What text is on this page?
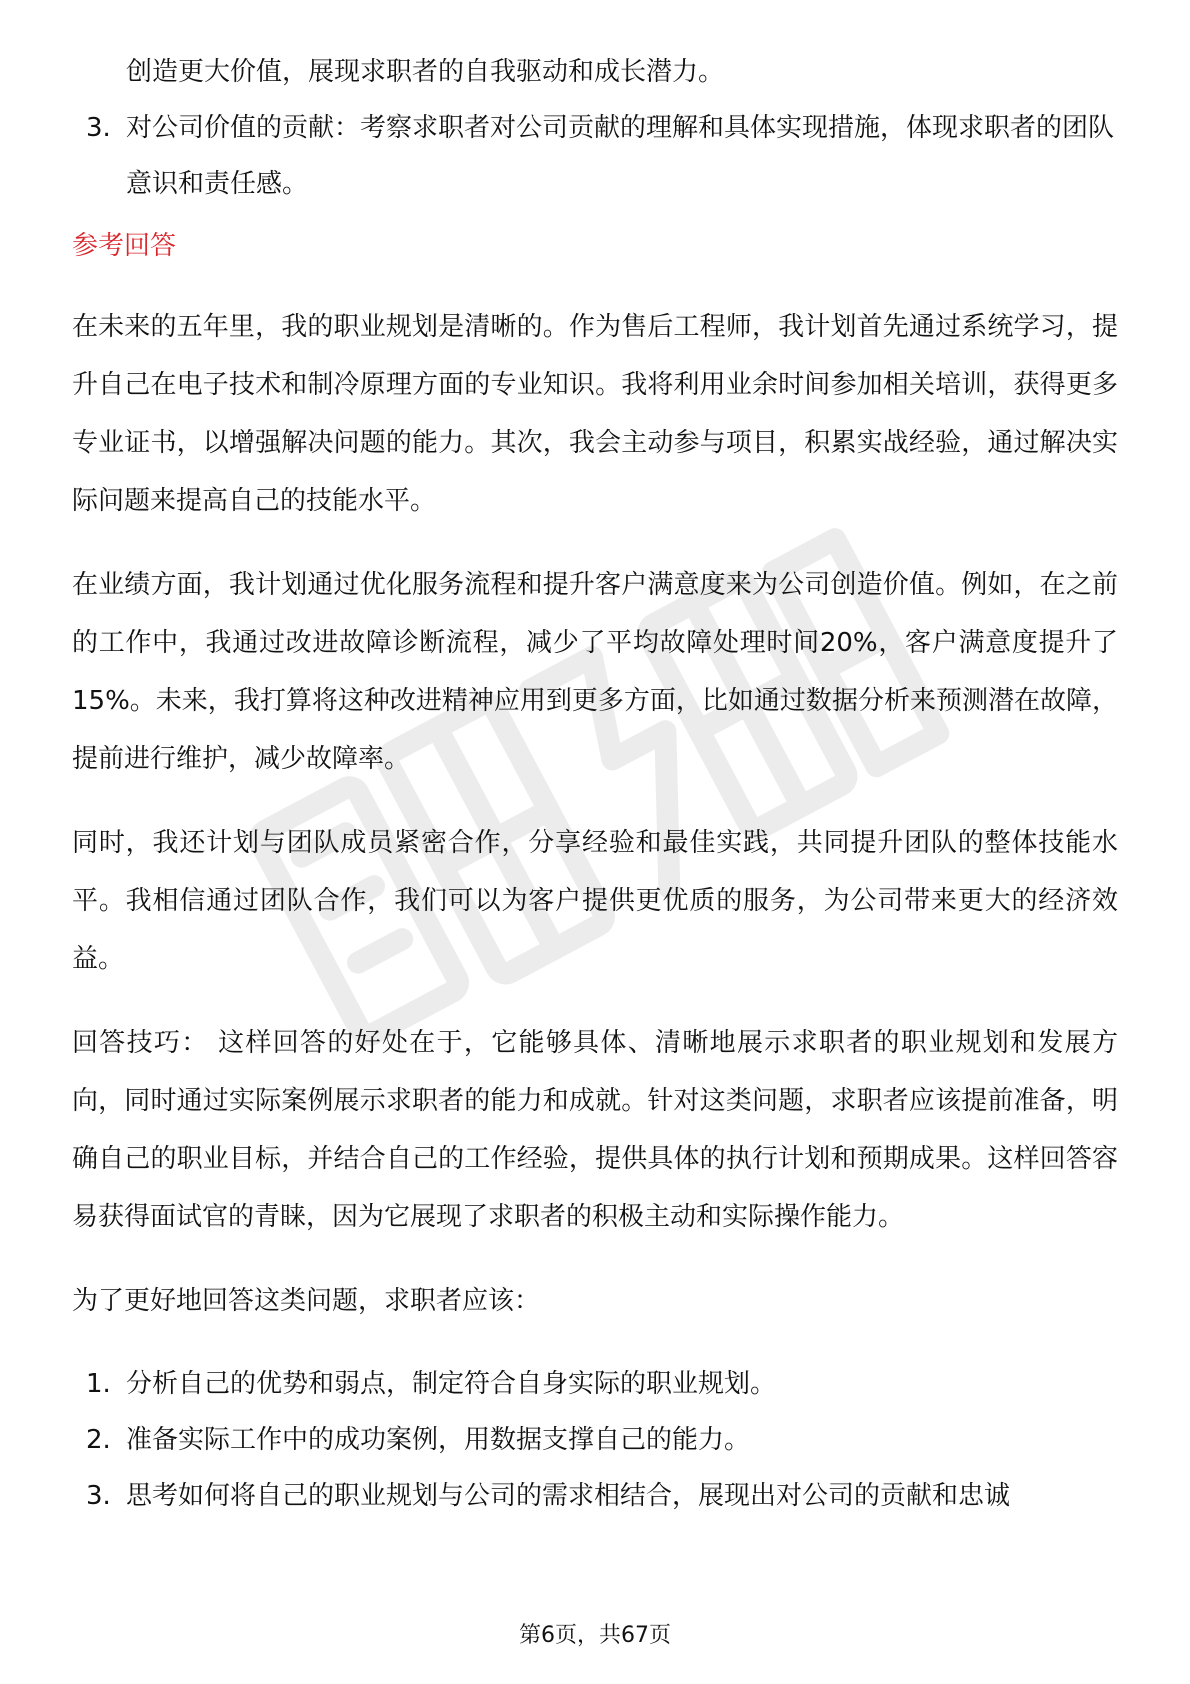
创造更大价值，展现求职者的自我驱动和成长潜力。
3. 对公司价值的贡献：考察求职者对公司贡献的理解和具体实现措施，体现求职者的团队意识和责任感。
参考回答

在未来的五年里，我的职业规划是清晰的。作为售后工程师，我计划首先通过系统学习，提升自己在电子技术和制冷原理方面的专业知识。我将利用业余时间参加相关培训，获得更多专业证书，以增强解决问题的能力。其次，我会主动参与项目，积累实战经验，通过解决实际问题来提高自己的技能水平。

在业绩方面，我计划通过优化服务流程和提升客户满意度来为公司创造价值。例如，在之前的工作中，我通过改进故障诊断流程，减少了平均故障处理时间20%，客户满意度提升了15%。未来，我打算将这种改进精神应用到更多方面，比如通过数据分析来预测潜在故障，提前进行维护，减少故障率。

同时，我还计划与团队成员紧密合作，分享经验和最佳实践，共同提升团队的整体技能水平。我相信通过团队合作，我们可以为客户提供更优质的服务，为公司带来更大的经济效益。

回答技巧： 这样回答的好处在于，它能够具体、清晰地展示求职者的职业规划和发展方向，同时通过实际案例展示求职者的能力和成就。针对这类问题，求职者应该提前准备，明确自己的职业目标，并结合自己的工作经验，提供具体的执行计划和预期成果。这样回答容易获得面试官的青睐，因为它展现了求职者的积极主动和实际操作能力。

为了更好地回答这类问题，求职者应该：

1. 分析自己的优势和弱点，制定符合自身实际的职业规划。
2. 准备实际工作中的成功案例，用数据支撑自己的能力。
3. 思考如何将自己的职业规划与公司的需求相结合，展现出对公司的贡献和忠诚
第6页，共67页
